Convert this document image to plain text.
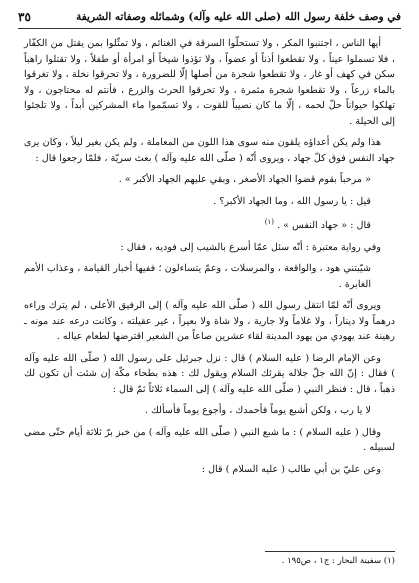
في وصف خلفة رسول الله (صلى الله عليه وآله) وشمائله وصفاته الشريفة
٣٥

أيها الناس ، اجتنبوا المكر ، ولا تستحلّوا السرقة في الغنائم ، ولا تمثّلوا بمن يقتل من الكفّار ، فلا تسملوا عيناً ، ولا تقطعوا أذناً أو عضواً ، ولا تؤذوا شيخاً أو امرأة أو طفلاً ، ولا تقتلوا راهباً سكن في كهف أو غار ، ولا تقطعوا شجرة من أصلها إلّا للضرورة ، ولا تحرقوا نخلة ، ولا تغرقوا بالماء زرعاً ، ولا تقطعوا شجرة مثمرة ، ولا تحرقوا الحرث والزرع ، فأنتم له محتاجون ، ولا تهلكوا حيواناً حلّ لحمه ، إلّا ما كان نصيباً للقوت ، ولا تسمّموا ماء المشركين أبداً ، ولا تلجئوا إلى الحيلة .

هذا ولم يكن أعداؤه يلقون منه سوى هذا اللون من المعاملة ، ولم يكن بغير ليلاً ، وكان يرى جهاد النفس فوق كلّ جهاد ، ويروى أنّه ( صلّى الله عليه وآله ) بعث سريّة ، فلمّا رجعوا قال :

« مرحباً بقوم قضوا الجهاد الأصغر ، وبقي عليهم الجهاد الأكبر » .

قيل : يا رسول الله ، وما الجهاد الأكبر؟ .

قال : « جهاد النفس » . $^{(١)}$

وفي رواية معتبرة : أنّه سئل عمّا أسرع بالشيب إلى فوديه ، فقال :

شيّبتني هود ، والواقعة ، والمرسلات ، وعمّ يتساءلون ؛ ففيها أخبار القيامة ، وعذاب الأمم الغابرة .

ويروى أنّه لمّا انتقل رسول الله ( صلّى الله عليه وآله ) إلى الرفيق الأعلى ، لم يترك وراءه درهماً ولا ديناراً ، ولا غلاماً ولا جارية ، ولا شاة ولا بعيراً ، غير عقيلته ، وكانت درعه عند مونه ـ رهينة عند يهودي من يهود المدينة لقاء عشرين صاعاً من الشعير اقترضها لطعام عياله .

وعن الإمام الرضا ( عليه السلام ) قال : نزل جبرئيل على رسول الله ( صلّى الله عليه وآله ) فقال : إنّ الله جلّ جلاله يقرئك السلام ويقول لك : هذه بطحاء مكّة إن شئت أن تكون لك ذهباً ، قال : فنظر النبي ( صلّى الله عليه وآله ) إلى السماء ثلاثاً ثمّ قال :

لا يا رب ، ولكن أشبع يوماً فأحمدك ، وأجوع يوماً فأسألك .

وقال ( عليه السلام ) : ما شبع النبي ( صلّى الله عليه وآله ) من خبز برّ ثلاثة أيام حتّى مضى لسبيله .

وعن عليّ بن أبي طالب ( عليه السلام ) قال :

(١) سفينة البحار : ج١ ، ص١٩٥ .
